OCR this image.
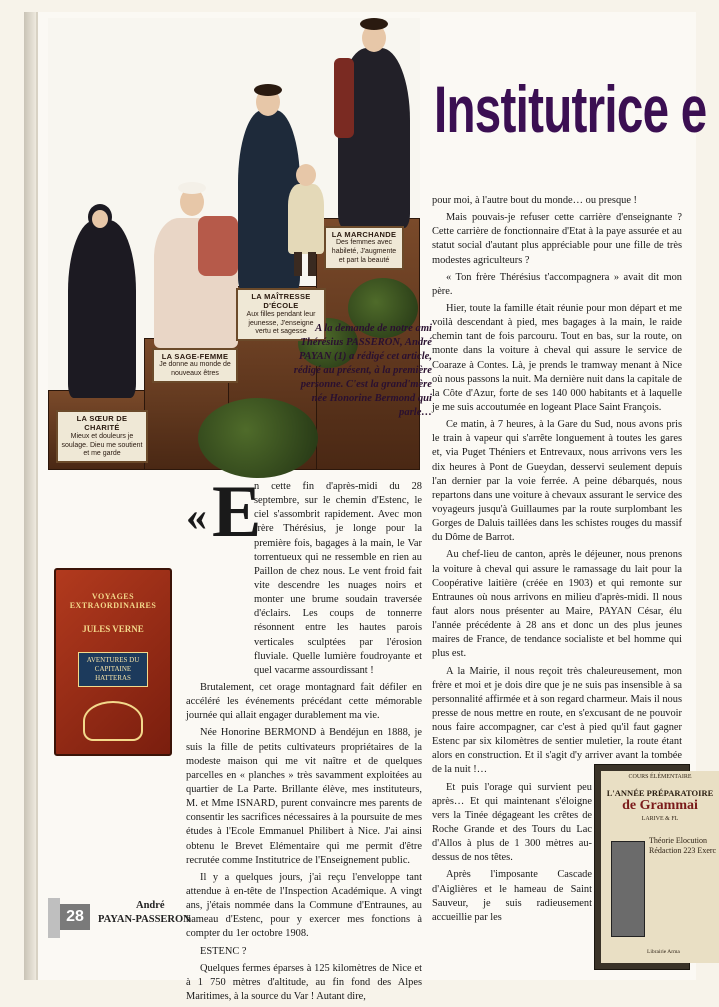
LA SŒUR DE CHARITÉ
Mieux et douleurs je soulage. Dieu me soutient et me garde
LA SAGE-FEMME
Je donne au monde de nouveaux êtres
LA MAÎTRESSE D'ÉCOLE
Aux filles pendant leur jeunesse, J'enseigne vertu et sagesse
LA MARCHANDE
Des femmes avec habileté, J'augmente et part la beauté
Institutrice e
A la demande de notre ami Thérésius PASSERON, André PAYAN (1) a rédigé cet article, rédigé au présent, à la première personne. C'est la grand'mère née Honorine Bermond qui parle…
« E

n cette fin d'après-midi du 28 septembre, sur le chemin d'Estenc, le ciel s'assombrit rapidement. Avec mon frère Thérésius, je longe pour la première fois, bagages à la main, le Var torrentueux qui ne ressemble en rien au Paillon de chez nous. Le vent froid fait vite descendre les nuages noirs et monter une brume soudain traversée d'éclairs. Les coups de tonnerre résonnent entre les hautes parois verticales sculptées par l'érosion fluviale. Quelle lumière foudroyante et quel vacarme assourdissant !

Brutalement, cet orage montagnard fait défiler en accéléré les événements précédant cette mémorable journée qui allait engager durablement ma vie.

Née Honorine BERMOND à Bendéjun en 1888, je suis la fille de petits cultivateurs propriétaires de la modeste maison qui me vit naître et de quelques parcelles en « planches » très savamment exploitées au quartier de La Parte. Brillante élève, mes instituteurs, M. et Mme ISNARD, purent convaincre mes parents de consentir les sacrifices nécessaires à la poursuite de mes études à l'Ecole Emmanuel Philibert à Nice. J'ai ainsi obtenu le Brevet Elémentaire qui me permit d'être recrutée comme Institutrice de l'Enseignement public.

Il y a quelques jours, j'ai reçu l'enveloppe tant attendue à en-tête de l'Inspection Académique. A vingt ans, j'étais nommée dans la Commune d'Entraunes, au hameau d'Estenc, pour y exercer mes fonctions à compter du 1er octobre 1908.

ESTENC ?

Quelques fermes éparses à 125 kilomètres de Nice et à 1 750 mètres d'altitude, au fin fond des Alpes Maritimes, à la source du Var ! Autant dire,

pour moi, à l'autre bout du monde… ou presque !

Mais pouvais-je refuser cette carrière d'enseignante ? Cette carrière de fonctionnaire d'Etat à la paye assurée et au statut social d'autant plus appréciable pour une fille de très modestes agriculteurs ?

« Ton frère Thérésius t'accompagnera » avait dit mon père.

Hier, toute la famille était réunie pour mon départ et me voilà descendant à pied, mes bagages à la main, le raide chemin tant de fois parcouru. Tout en bas, sur la route, on monte dans la voiture à cheval qui assure le service de Coaraze à Contes. Là, je prends le tramway menant à Nice où nous passons la nuit. Ma dernière nuit dans la capitale de la Côte d'Azur, forte de ses 140 000 habitants et à laquelle je me suis accoutumée en logeant Place Saint François.

Ce matin, à 7 heures, à la Gare du Sud, nous avons pris le train à vapeur qui s'arrête longuement à toutes les gares et, via Puget Théniers et Entrevaux, nous arrivons vers les dix heures à Pont de Gueydan, desservi seulement depuis l'an dernier par la voie ferrée. A peine débarqués, nous repartons dans une voiture à chevaux assurant le service des voyageurs jusqu'à Guillaumes par la route surplombant les Gorges de Daluis taillées dans les schistes rouges du massif du Dôme de Barrot.

Au chef-lieu de canton, après le déjeuner, nous prenons la voiture à cheval qui assure le ramassage du lait pour la Coopérative laitière (créée en 1903) et qui remonte sur Entraunes où nous arrivons en milieu d'après-midi. Il nous faut alors nous présenter au Maire, PAYAN César, élu l'année précédente à 28 ans et donc un des plus jeunes maires de France, de tendance socialiste et bel homme qui plus est.

A la Mairie, il nous reçoit très chaleureusement, mon frère et moi et je dois dire que je ne suis pas insensible à sa personnalité affirmée et à son regard charmeur. Mais il nous presse de nous mettre en route, en s'excusant de ne pouvoir nous faire accompagner, car c'est à pied qu'il faut gagner Estenc par six kilomètres de sentier muletier, la route étant alors en construction. Et il s'agit d'y arriver avant la tombée de la nuit !…

Et puis l'orage qui survient peu après… Et qui maintenant s'éloigne vers la Tinée dégageant les crêtes de Roche Grande et des Tours du Lac d'Allos à plus de 1 300 mètres au-dessus de nos têtes.

Après l'imposante Cascade d'Aiglières et le hameau de Saint Sauveur, je suis radieusement accueillie par les

VOYAGES EXTRAORDINAIRES
JULES VERNE
AVENTURES DU CAPITAINE HATTERAS
COURS ÉLÉMENTAIRE
L'ANNÉE PRÉPARATOIRE
de Grammai
LARIVE & FL
Théorie Elocution Rédaction 223 Exerc
Librairie Arma
28
André
PAYAN-PASSERON
